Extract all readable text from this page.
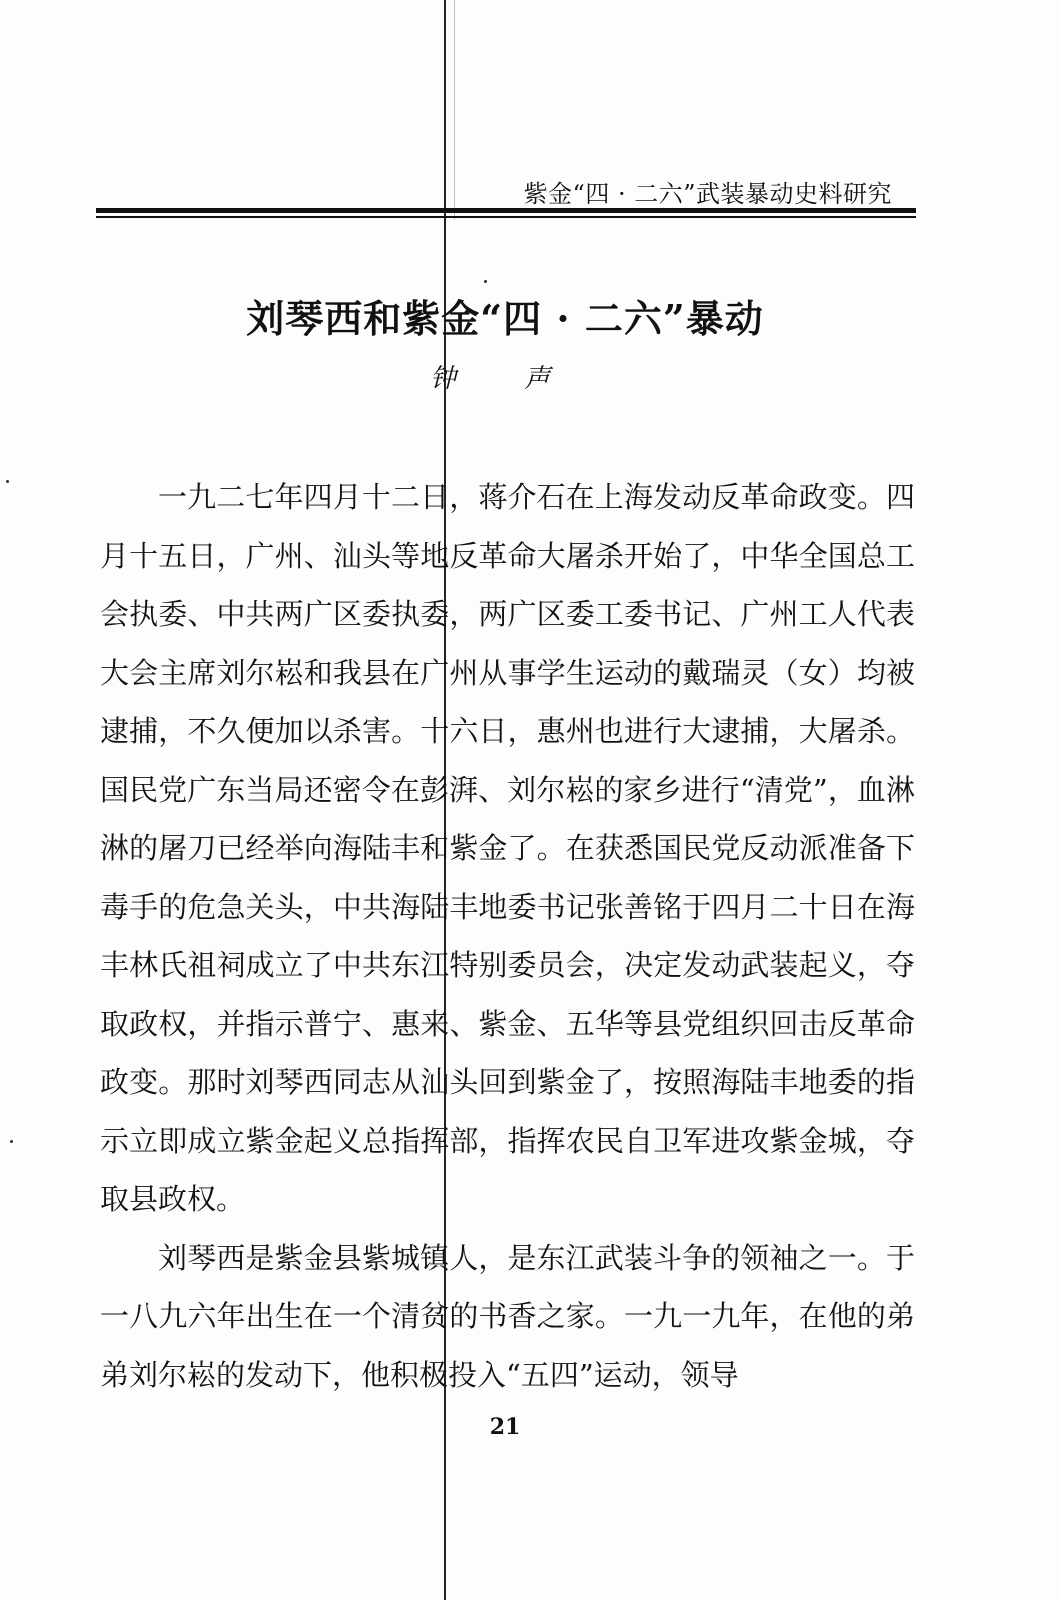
紫金“四 · 二六”武装暴动史料研究
刘琴西和紫金“四 · 二六”暴动
钟 声

一九二七年四月十二日，蒋介石在上海发动反革命政变。四月十五日，广州、汕头等地反革命大屠杀开始了，中华全国总工会执委、中共两广区委执委，两广区委工委书记、广州工人代表大会主席刘尔崧和我县在广州从事学生运动的戴瑞灵（女）均被逮捕，不久便加以杀害。十六日，惠州也进行大逮捕，大屠杀。国民党广东当局还密令在彭湃、刘尔崧的家乡进行“清党”，血淋淋的屠刀已经举向海陆丰和紫金了。在获悉国民党反动派准备下毒手的危急关头，中共海陆丰地委书记张善铭于四月二十日在海丰林氏祖祠成立了中共东江特别委员会，决定发动武装起义，夺取政权，并指示普宁、惠来、紫金、五华等县党组织回击反革命政变。那时刘琴西同志从汕头回到紫金了，按照海陆丰地委的指示立即成立紫金起义总指挥部，指挥农民自卫军进攻紫金城，夺取县政权。

刘琴西是紫金县紫城镇人，是东江武装斗争的领袖之一。于一八九六年出生在一个清贫的书香之家。一九一九年，在他的弟弟刘尔崧的发动下，他积极投入“五四”运动，领导

21
